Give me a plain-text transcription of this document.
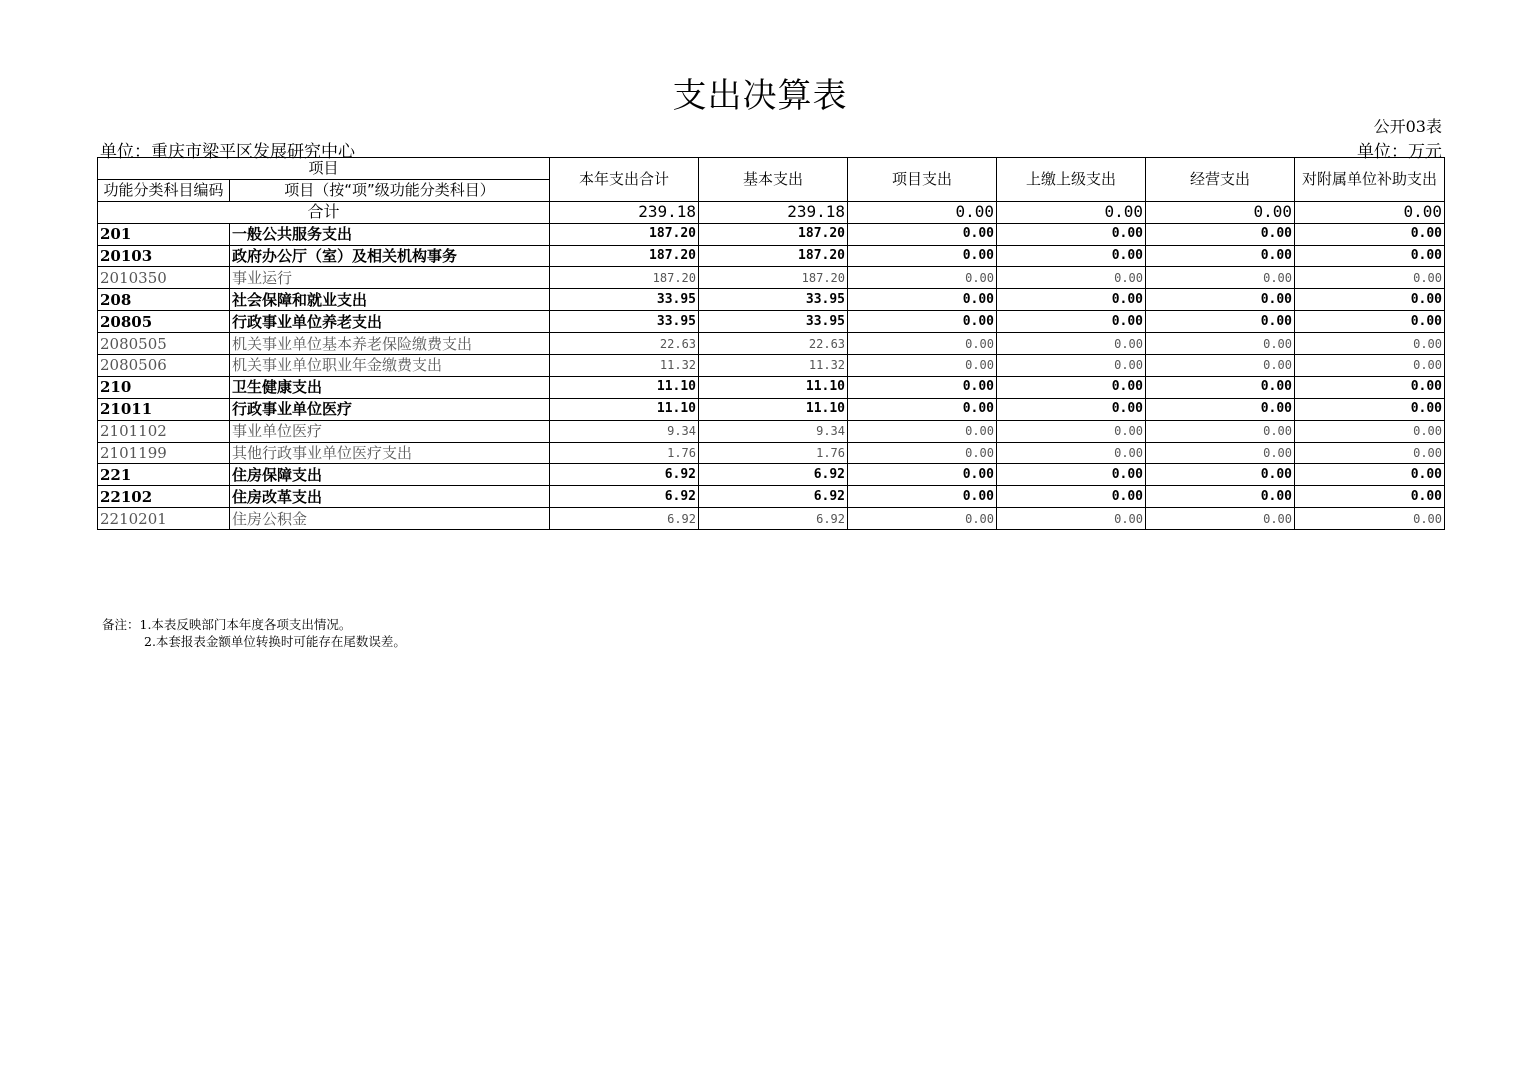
支出决算表
公开03表
单位：重庆市梁平区发展研究中心	单位：万元
项目		本年支出合计	基本支出	项目支出	上缴上级支出	经营支出	对附属单位补助支出
功能分类科目编码	项目（按“项”级功能分类科目）						
合计		239.18	239.18	0.00	0.00	0.00	0.00
201	一般公共服务支出	187.20	187.20	0.00	0.00	0.00	0.00
20103	政府办公厅（室）及相关机构事务	187.20	187.20	0.00	0.00	0.00	0.00
2010350	事业运行	187.20	187.20	0.00	0.00	0.00	0.00
208	社会保障和就业支出	33.95	33.95	0.00	0.00	0.00	0.00
20805	行政事业单位养老支出	33.95	33.95	0.00	0.00	0.00	0.00
2080505	机关事业单位基本养老保险缴费支出	22.63	22.63	0.00	0.00	0.00	0.00
2080506	机关事业单位职业年金缴费支出	11.32	11.32	0.00	0.00	0.00	0.00
210	卫生健康支出	11.10	11.10	0.00	0.00	0.00	0.00
21011	行政事业单位医疗	11.10	11.10	0.00	0.00	0.00	0.00
2101102	事业单位医疗	9.34	9.34	0.00	0.00	0.00	0.00
2101199	其他行政事业单位医疗支出	1.76	1.76	0.00	0.00	0.00	0.00
221	住房保障支出	6.92	6.92	0.00	0.00	0.00	0.00
22102	住房改革支出	6.92	6.92	0.00	0.00	0.00	0.00
2210201	住房公积金	6.92	6.92	0.00	0.00	0.00	0.00
备注：1.本表反映部门本年度各项支出情况。
2.本套报表金额单位转换时可能存在尾数误差。
